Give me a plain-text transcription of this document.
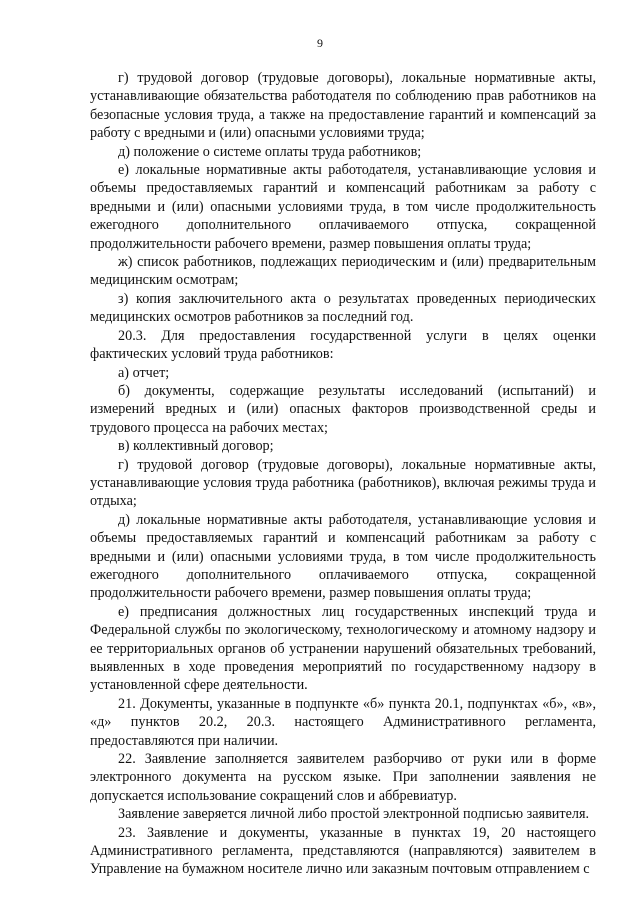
9

г) трудовой договор (трудовые договоры), локальные нормативные акты, устанавливающие обязательства работодателя по соблюдению прав работников на безопасные условия труда, а также на предоставление гарантий и компенсаций за работу с вредными и (или) опасными условиями труда;

д) положение о системе оплаты труда работников;

е) локальные нормативные акты работодателя, устанавливающие условия и объемы предоставляемых гарантий и компенсаций работникам за работу с вредными и (или) опасными условиями труда, в том числе продолжительность ежегодного дополнительного оплачиваемого отпуска, сокращенной продолжительности рабочего времени, размер повышения оплаты труда;

ж) список работников, подлежащих периодическим и (или) предварительным медицинским осмотрам;

з) копия заключительного акта о результатах проведенных периодических медицинских осмотров работников за последний год.

20.3. Для предоставления государственной услуги в целях оценки фактических условий труда работников:

а) отчет;

б) документы, содержащие результаты исследований (испытаний) и измерений вредных и (или) опасных факторов производственной среды и трудового процесса на рабочих местах;

в) коллективный договор;

г) трудовой договор (трудовые договоры), локальные нормативные акты, устанавливающие условия труда работника (работников), включая режимы труда и отдыха;

д) локальные нормативные акты работодателя, устанавливающие условия и объемы предоставляемых гарантий и компенсаций работникам за работу с вредными и (или) опасными условиями труда, в том числе продолжительность ежегодного дополнительного оплачиваемого отпуска, сокращенной продолжительности рабочего времени, размер повышения оплаты труда;

е) предписания должностных лиц государственных инспекций труда и Федеральной службы по экологическому, технологическому и атомному надзору и ее территориальных органов об устранении нарушений обязательных требований, выявленных в ходе проведения мероприятий по государственному надзору в установленной сфере деятельности.

21. Документы, указанные в подпункте «б» пункта 20.1, подпунктах «б», «в», «д» пунктов 20.2, 20.3. настоящего Административного регламента, предоставляются при наличии.

22. Заявление заполняется заявителем разборчиво от руки или в форме электронного документа на русском языке. При заполнении заявления не допускается использование сокращений слов и аббревиатур.

Заявление заверяется личной либо простой электронной подписью заявителя.

23. Заявление и документы, указанные в пунктах 19, 20 настоящего Административного регламента, представляются (направляются) заявителем в Управление на бумажном носителе лично или заказным почтовым отправлением с
